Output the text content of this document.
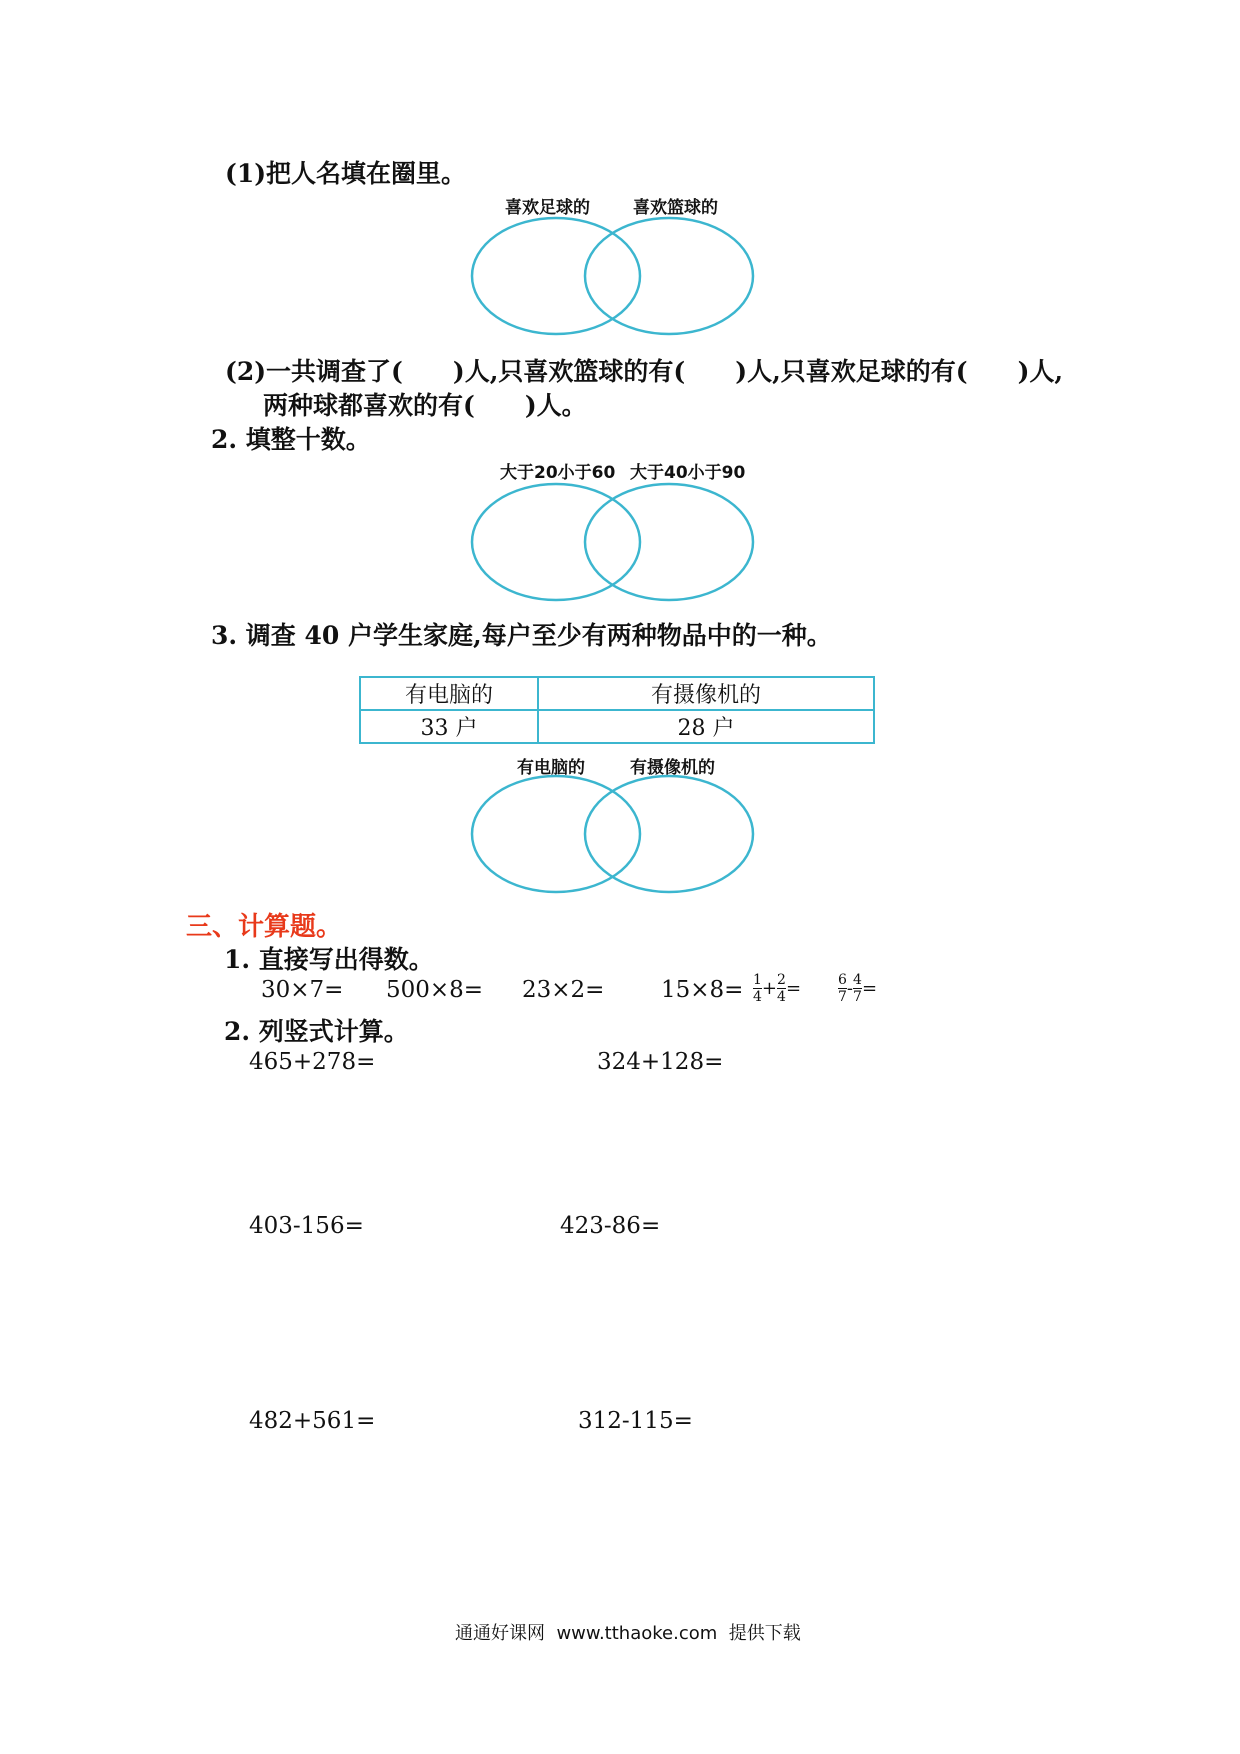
(1)把人名填在圈里。
喜欢足球的	喜欢篮球的
(2)一共调查了(　　)人,只喜欢篮球的有(　　)人,只喜欢足球的有(　　)人,
两种球都喜欢的有(　　)人。
2. 填整十数。
大于20小于60 大于40小于90
3. 调查 40 户学生家庭,每户至少有两种物品中的一种。
有电脑的	有摄像机的
33 户	28 户
有电脑的	有摄像机的
三、计算题。
1. 直接写出得数。
$30\times 7= 500\times 8= 23\times 2= 15\times 8= \frac{1}{4} + \frac{2}{4}$ =	$\frac{6}{7} - \frac{4}{7}$ =
2. 列竖式计算。
465+278=	324+128=
403-156=	423-86=
482+561=	312-115=
通通好课网  www.tthaoke.com  提供下载
